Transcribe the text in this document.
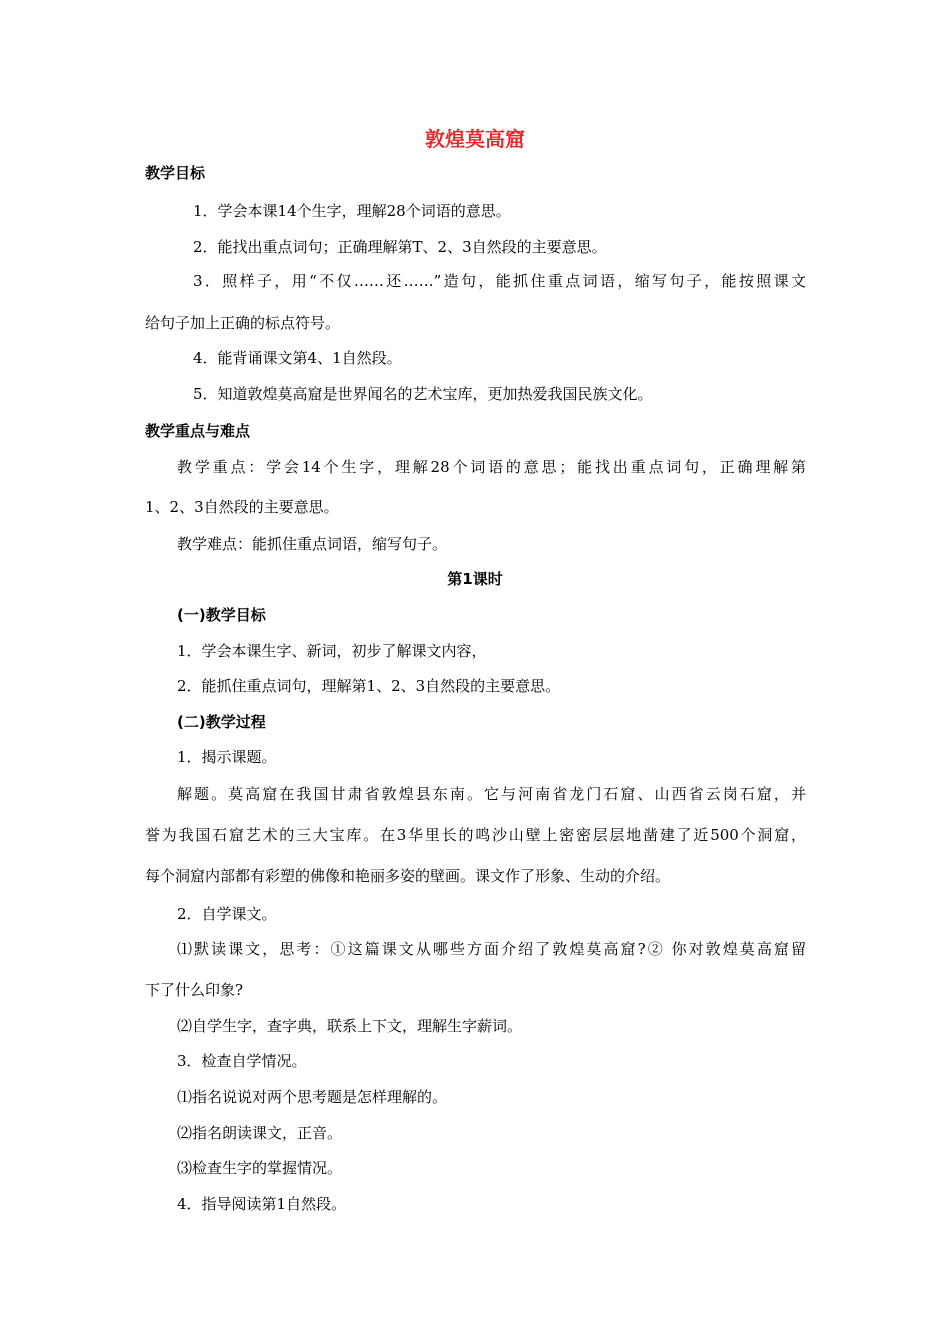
敦煌莫高窟
教学目标
1．学会本课14个生字，理解28个词语的意思。
2．能找出重点词句；正确理解第T、2、3自然段的主要意思。
3．照样子，用“不仅……还……”造句，能抓住重点词语，缩写句子，能按照课文
给句子加上正确的标点符号。
4．能背诵课文第4、1自然段。
5．知道敦煌莫高窟是世界闻名的艺术宝库，更加热爱我国民族文化。
教学重点与难点
教学重点：学会14个生字，理解28个词语的意思；能找出重点词句，正确理解第
1、2、3自然段的主要意思。
教学难点：能抓住重点词语，缩写句子。
第1课时
(一)教学目标
1．学会本课生字、新词，初步了解课文内容，
2．能抓住重点词句，理解第1、2、3自然段的主要意思。
(二)教学过程
1．揭示课题。
解题。莫高窟在我国甘肃省敦煌县东南。它与河南省龙门石窟、山西省云岗石窟，并
誉为我国石窟艺术的三大宝库。在3华里长的鸣沙山壁上密密层层地凿建了近500个洞窟，
每个洞窟内部都有彩塑的佛像和艳丽多姿的壁画。课文作了形象、生动的介绍。
2．自学课文。
⑴默读课文，思考：①这篇课文从哪些方面介绍了敦煌莫高窟?② 你对敦煌莫高窟留
下了什么印象?
⑵自学生字，查字典，联系上下文，理解生字薪词。
3．检查自学情况。
⑴指名说说对两个思考题是怎样理解的。
⑵指名朗读课文，正音。
⑶检查生字的掌握情况。
4．指导阅读第1自然段。
